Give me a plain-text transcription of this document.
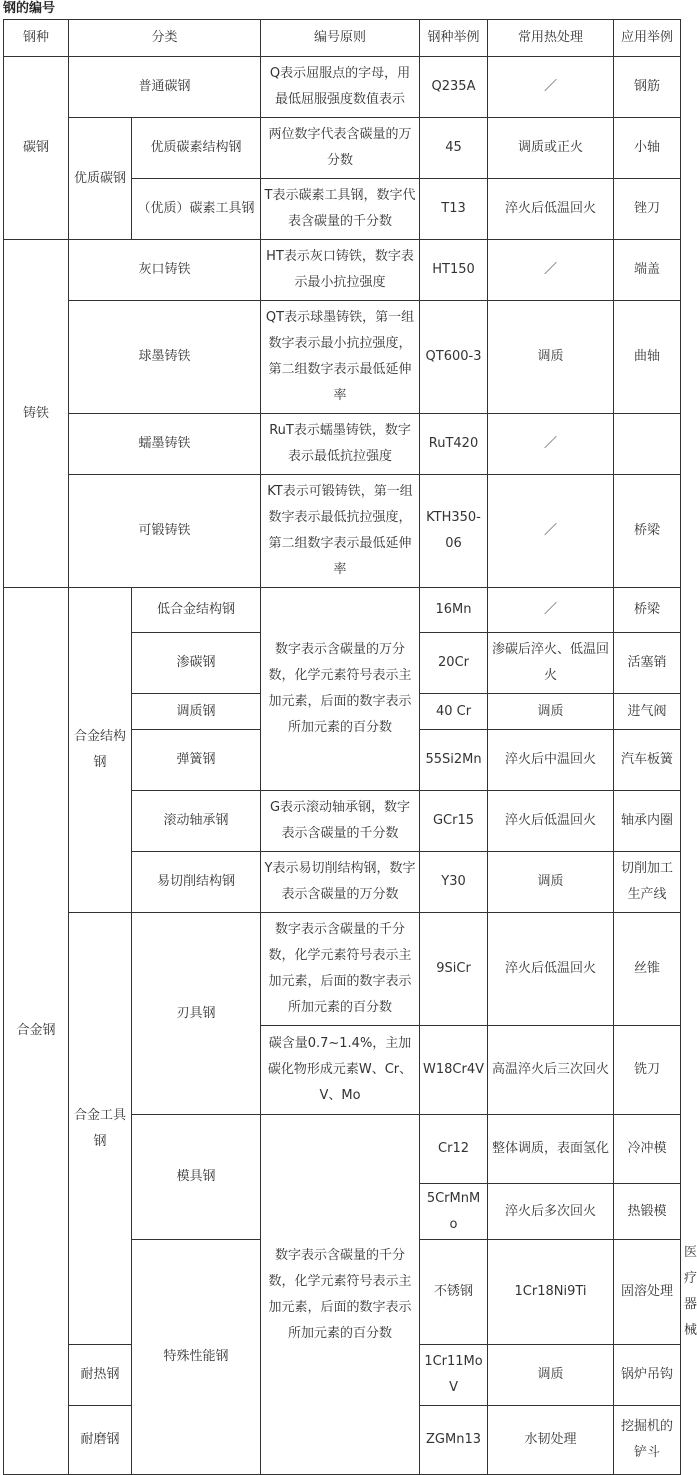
钢的编号
钢种	分类		编号原则	钢种举例	常用热处理	应用举例	
碳钢	普通碳钢		Q表示屈服点的字母，用最低屈服强度数值表示	Q235A	／	钢筋	
	优质碳钢	优质碳素结构钢	两位数字代表含碳量的万分数	45	调质或正火	小轴	
		（优质）碳素工具钢	T表示碳素工具钢，数字代表含碳量的千分数	T13	淬火后低温回火	锉刀	
铸铁	灰口铸铁		HT表示灰口铸铁，数字表示最小抗拉强度	HT150	／	端盖	
	球墨铸铁		QT表示球墨铸铁，第一组数字表示最小抗拉强度，第二组数字表示最低延伸率	QT600-3	调质	曲轴	
	蠕墨铸铁		RuT表示蠕墨铸铁，数字表示最低抗拉强度	RuT420	／		
	可锻铸铁		KT表示可锻铸铁，第一组数字表示最低抗拉强度，第二组数字表示最低延伸率	KTH350-06	／	桥梁	
合金钢	合金结构钢	低合金结构钢	数字表示含碳量的万分数，化学元素符号表示主加元素，后面的数字表示所加元素的百分数	16Mn	／	桥梁	
		渗碳钢		20Cr	渗碳后淬火、低温回火	活塞销	
		调质钢		40 Cr	调质	进气阀	
		弹簧钢		55Si2Mn	淬火后中温回火	汽车板簧	
		滚动轴承钢	G表示滚动轴承钢，数字表示含碳量的千分数	GCr15	淬火后低温回火	轴承内圈	
		易切削结构钢	Y表示易切削结构钢，数字表示含碳量的万分数	Y30	调质	切削加工生产线	
	合金工具钢	刃具钢	数字表示含碳量的千分数，化学元素符号表示主加元素，后面的数字表示所加元素的百分数	9SiCr	淬火后低温回火	丝锥	
			碳含量0.7~1.4%，主加碳化物形成元素W、Cr、V、Mo	W18Cr4V	高温淬火后三次回火	铣刀	
		模具钢	数字表示含碳量的千分数，化学元素符号表示主加元素，后面的数字表示所加元素的百分数	Cr12	整体调质，表面氢化	冷冲模	
				5CrMnMo	淬火后多次回火	热锻模	
		特殊性能钢		不锈钢	1Cr18Ni9Ti	固溶处理	医疗器械
	耐热钢			1Cr11MoV	调质	锅炉吊钩	
	耐磨钢			ZGMn13	水韧处理	挖掘机的铲斗	
